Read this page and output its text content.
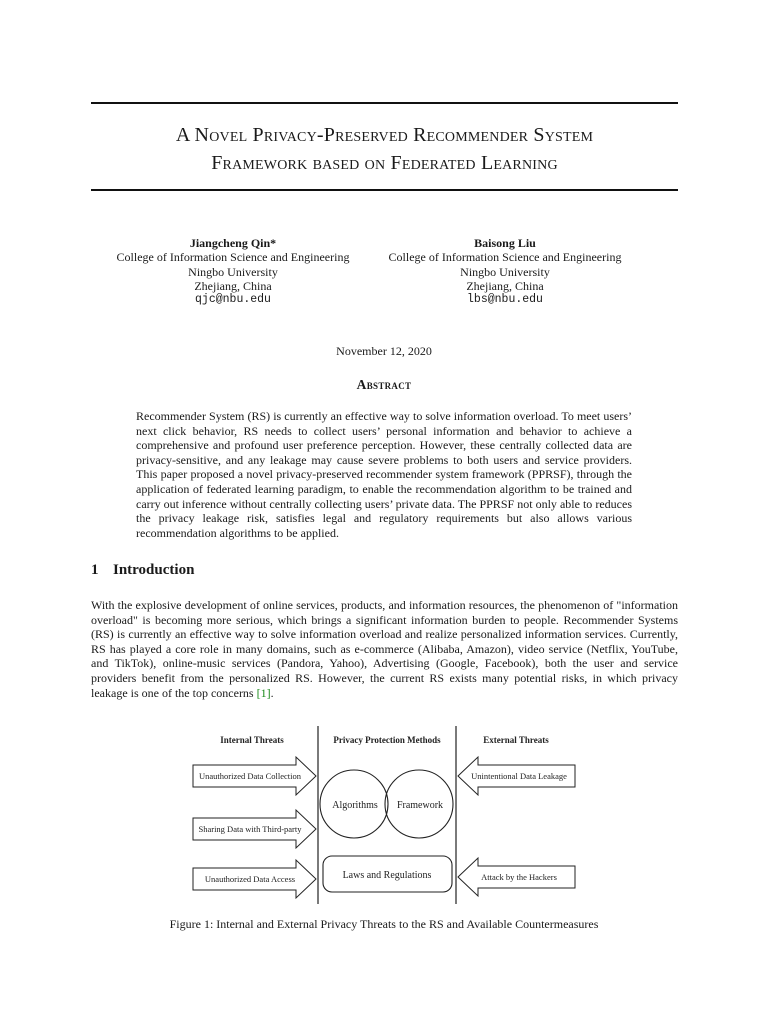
A Novel Privacy-Preserved Recommender System
Framework based on Federated Learning
Jiangcheng Qin*
College of Information Science and Engineering
Ningbo University
Zhejiang, China
qjc@nbu.edu
Baisong Liu
College of Information Science and Engineering
Ningbo University
Zhejiang, China
lbs@nbu.edu
November 12, 2020
Abstract
Recommender System (RS) is currently an effective way to solve information overload. To meet users’ next click behavior, RS needs to collect users’ personal information and behavior to achieve a comprehensive and profound user preference perception. However, these centrally collected data are privacy-sensitive, and any leakage may cause severe problems to both users and service providers. This paper proposed a novel privacy-preserved recommender system framework (PPRSF), through the application of federated learning paradigm, to enable the recommendation algorithm to be trained and carry out inference without centrally collecting users’ private data. The PPRSF not only able to reduces the privacy leakage risk, satisfies legal and regulatory requirements but also allows various recommendation algorithms to be applied.
1 Introduction
With the explosive development of online services, products, and information resources, the phenomenon of "information overload" is becoming more serious, which brings a significant information burden to people. Recommender Systems (RS) is currently an effective way to solve information overload and realize personalized information services. Currently, RS has played a core role in many domains, such as e-commerce (Alibaba, Amazon), video service (Netflix, YouTube, and TikTok), online-music services (Pandora, Yahoo), Advertising (Google, Facebook), both the user and service providers benefit from the personalized RS. However, the current RS exists many potential risks, in which privacy leakage is one of the top concerns [1].
Internal Threats	Privacy Protection Methods	External Threats
Unauthorized Data Collection
Sharing Data with Third-party
Unauthorized Data Access
Unintentional Data Leakage
Attack by the Hackers
Algorithms Framework
Laws and Regulations
Figure 1: Internal and External Privacy Threats to the RS and Available Countermeasures
